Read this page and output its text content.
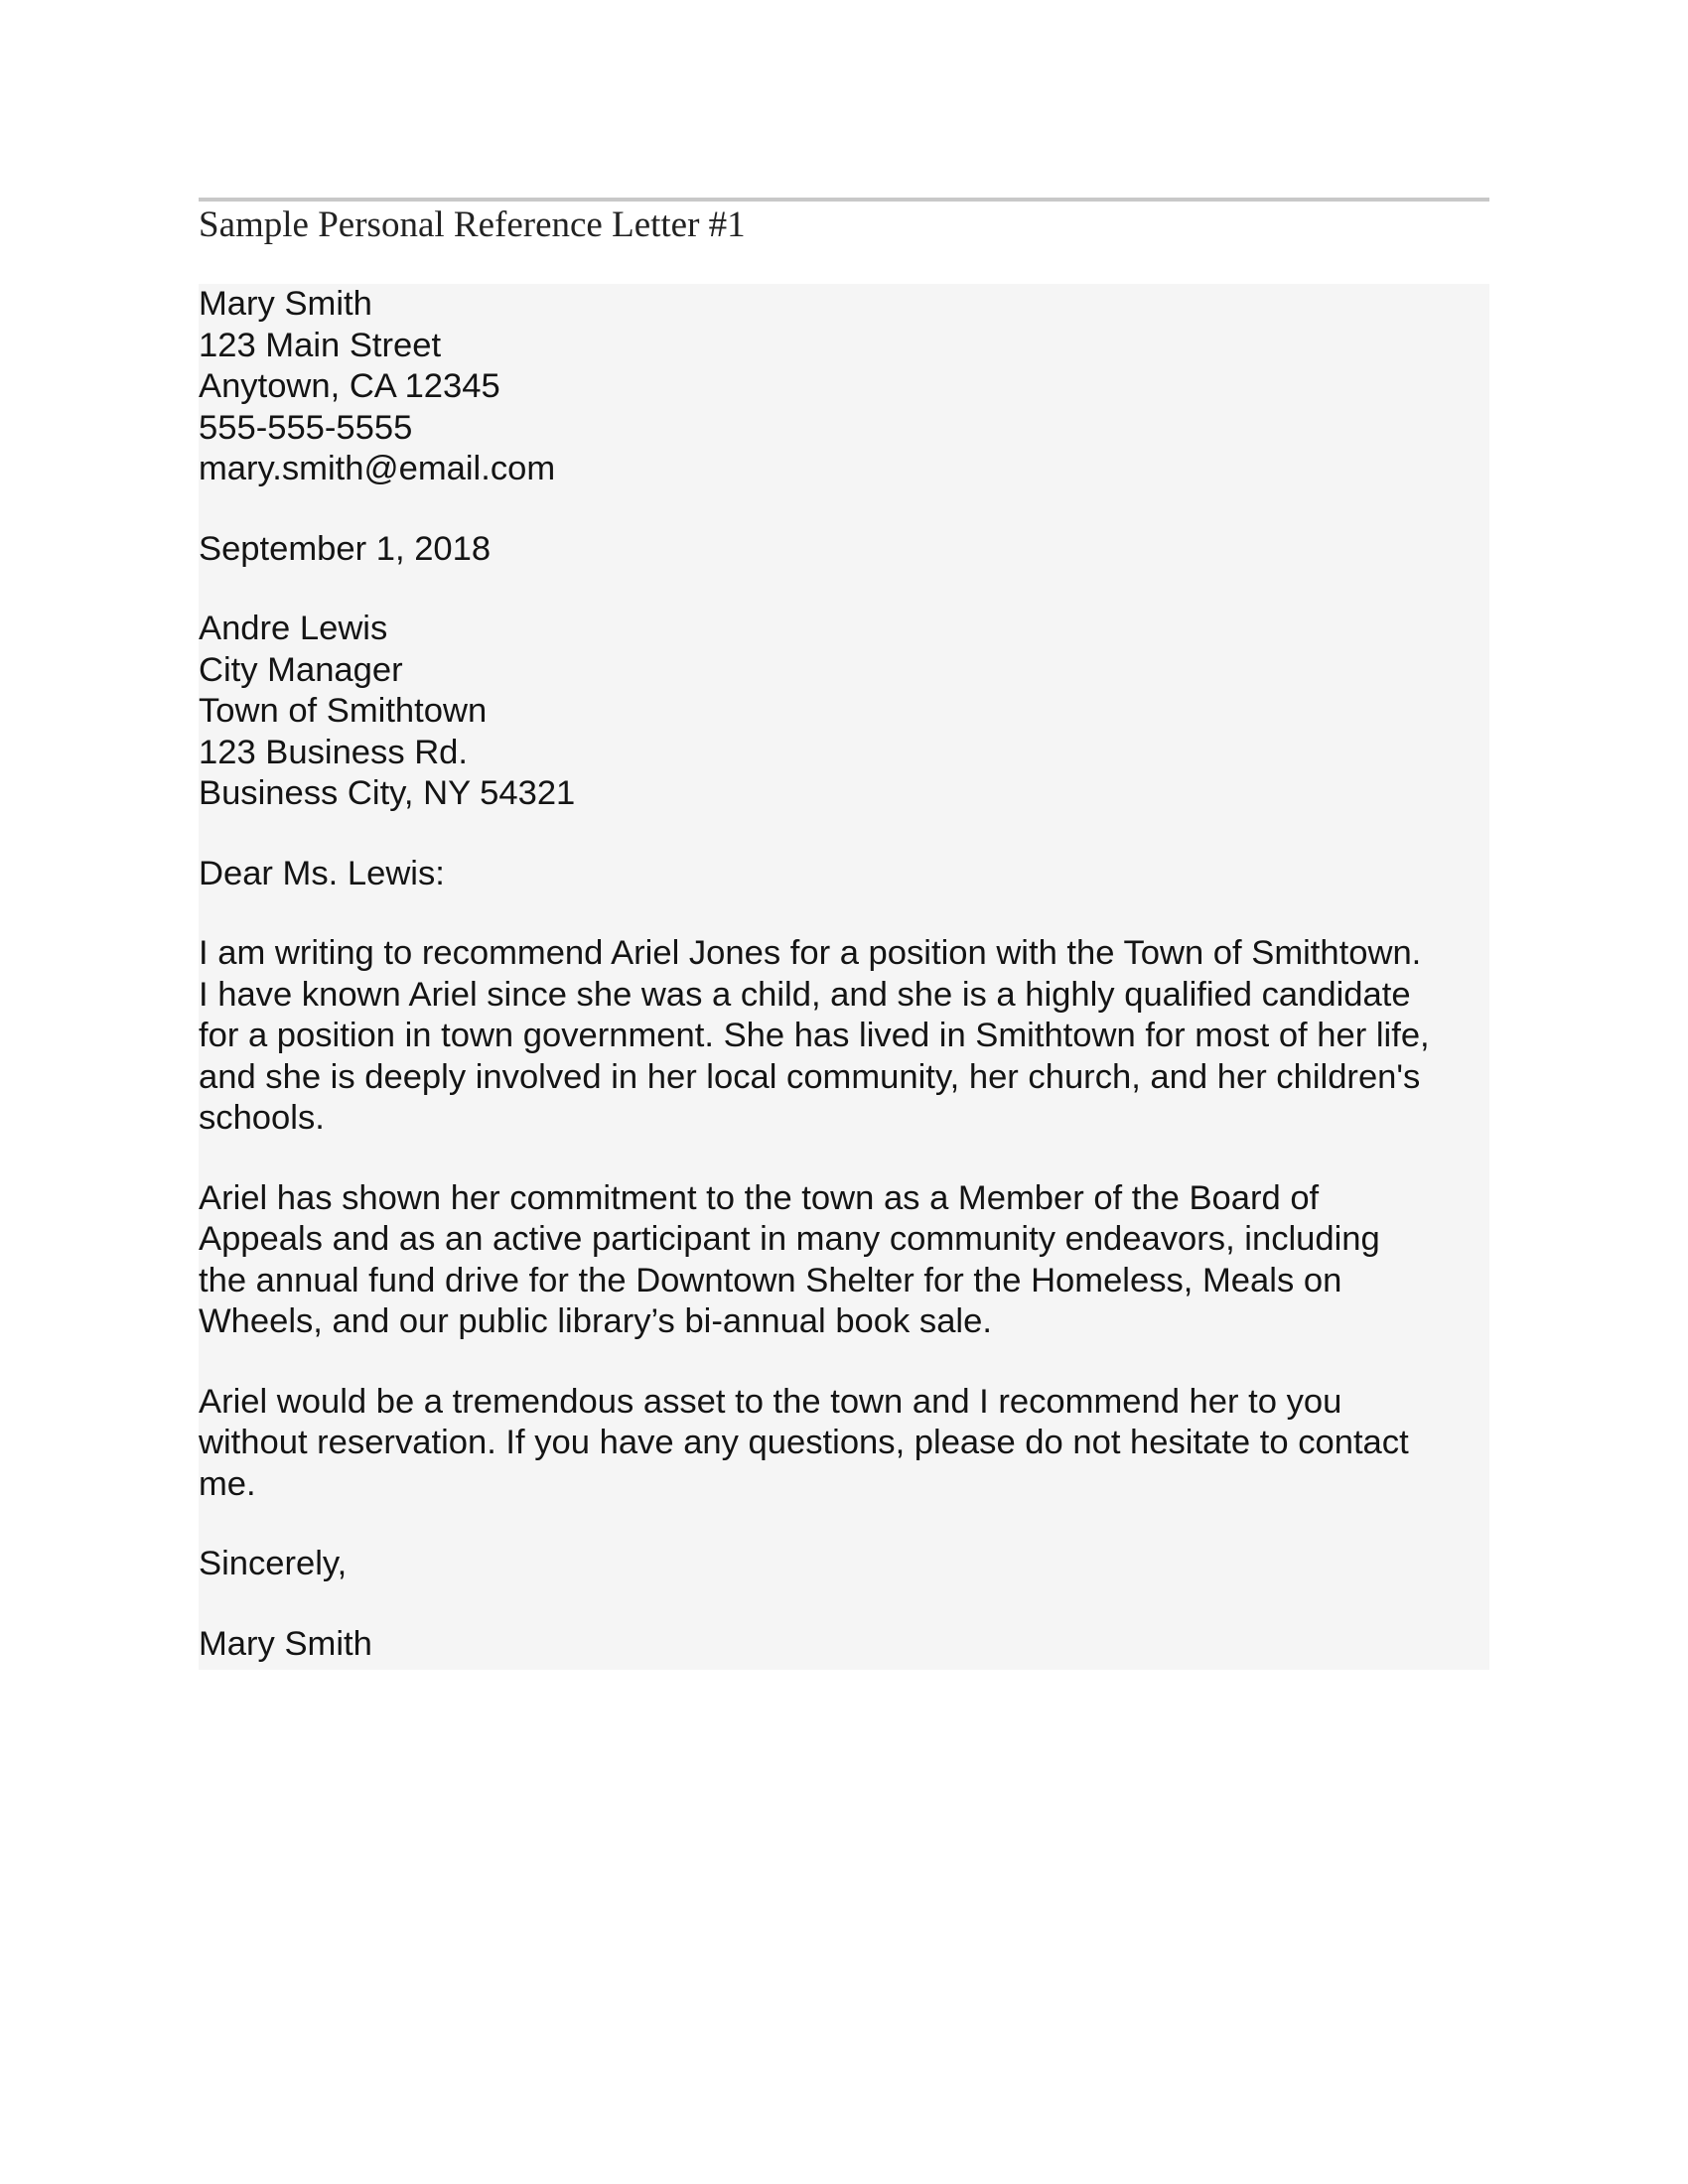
Sample Personal Reference Letter #1
Mary Smith
123 Main Street
Anytown, CA 12345
555-555-5555
mary.smith@email.com
September 1, 2018
Andre Lewis
City Manager
Town of Smithtown
123 Business Rd.
Business City, NY 54321
Dear Ms. Lewis:
I am writing to recommend Ariel Jones for a position with the Town of Smithtown.
I have known Ariel since she was a child, and she is a highly qualified candidate
for a position in town government. She has lived in Smithtown for most of her life,
and she is deeply involved in her local community, her church, and her children's
schools.
Ariel has shown her commitment to the town as a Member of the Board of
Appeals and as an active participant in many community endeavors, including
the annual fund drive for the Downtown Shelter for the Homeless, Meals on
Wheels, and our public library’s bi-annual book sale.
Ariel would be a tremendous asset to the town and I recommend her to you
without reservation. If you have any questions, please do not hesitate to contact
me.
Sincerely,
Mary Smith
